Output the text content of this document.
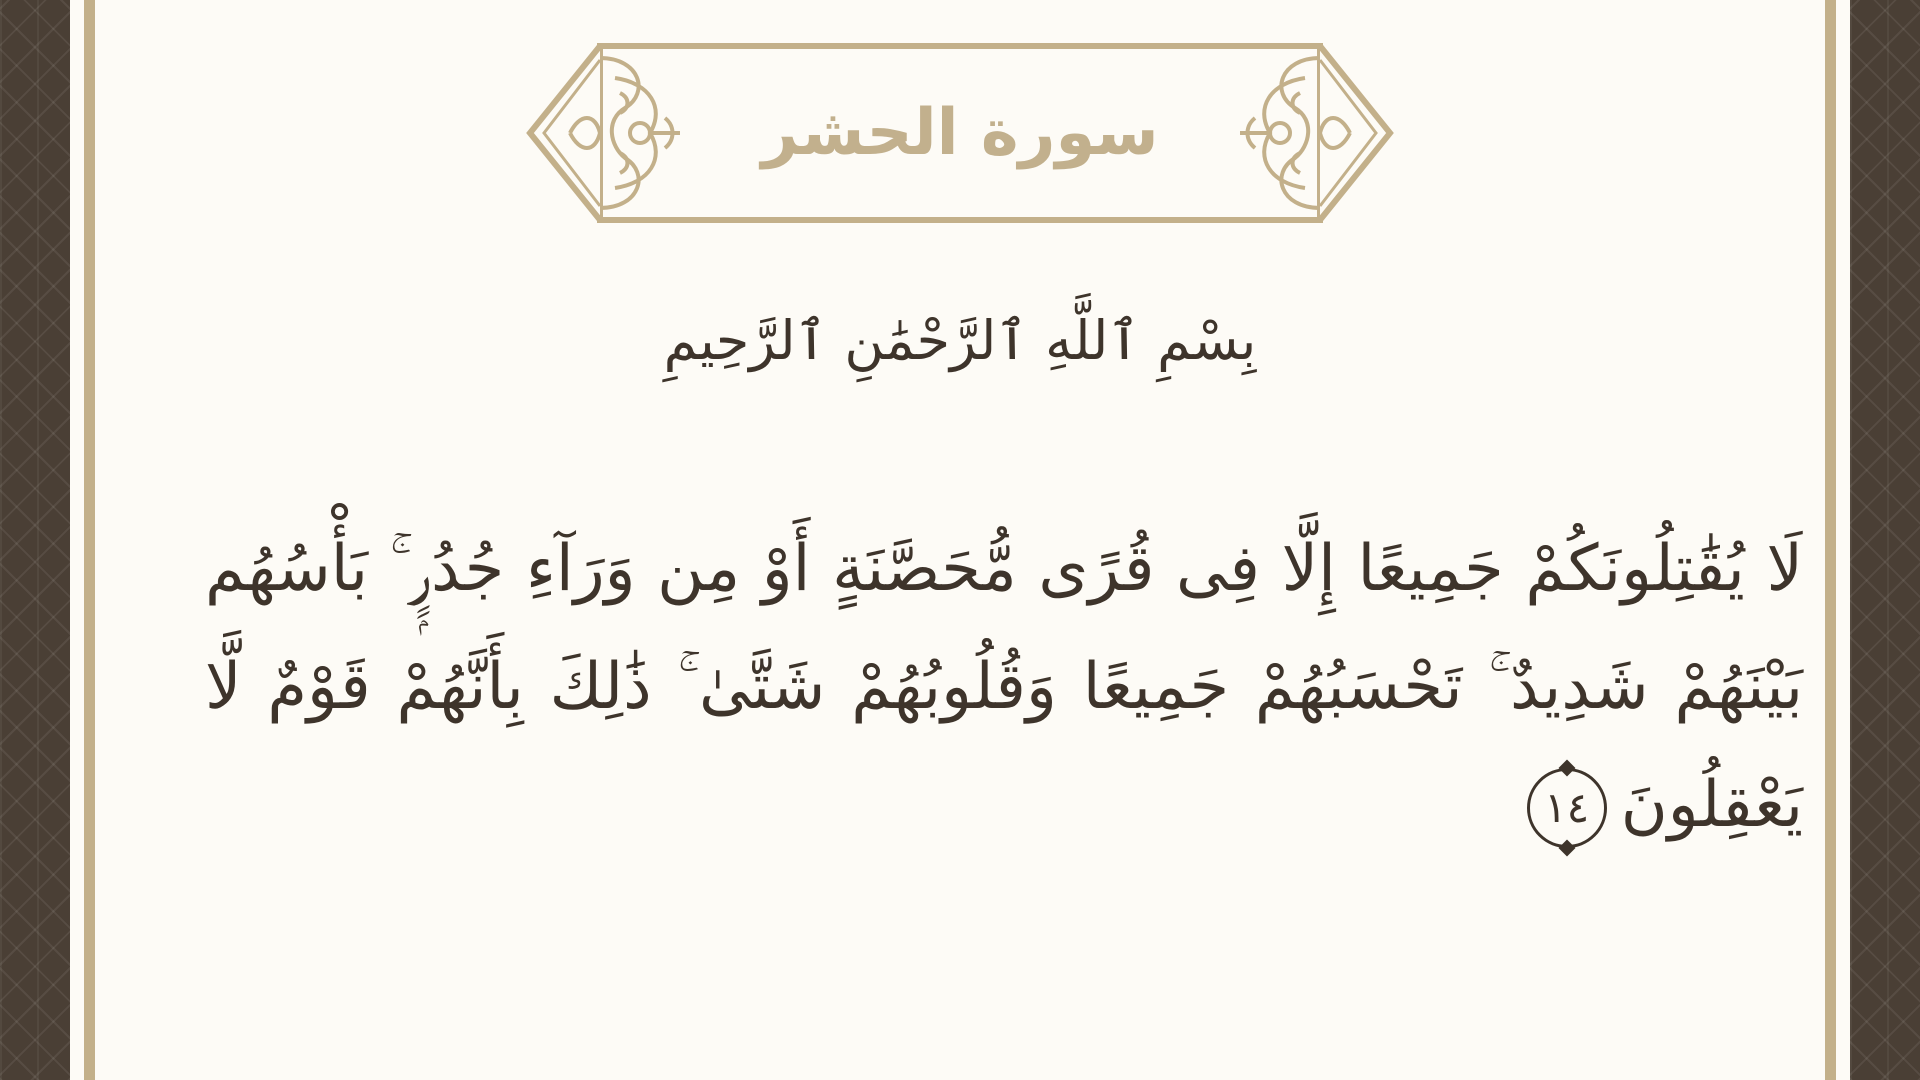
سورة الحشر
بِسْمِ ٱللَّهِ ٱلرَّحْمَٰنِ ٱلرَّحِيمِ
لَا يُقَٰتِلُونَكُمْ جَمِيعًا إِلَّا فِى قُرًى مُّحَصَّنَةٍ أَوْ مِن وَرَآءِ جُدُرٍۭ ۚ بَأْسُهُم بَيْنَهُمْ شَدِيدٌ ۚ تَحْسَبُهُمْ جَمِيعًا وَقُلُوبُهُمْ شَتَّىٰ ۚ ذَٰلِكَ بِأَنَّهُمْ قَوْمٌ لَّا يَعْقِلُونَ
١٤
